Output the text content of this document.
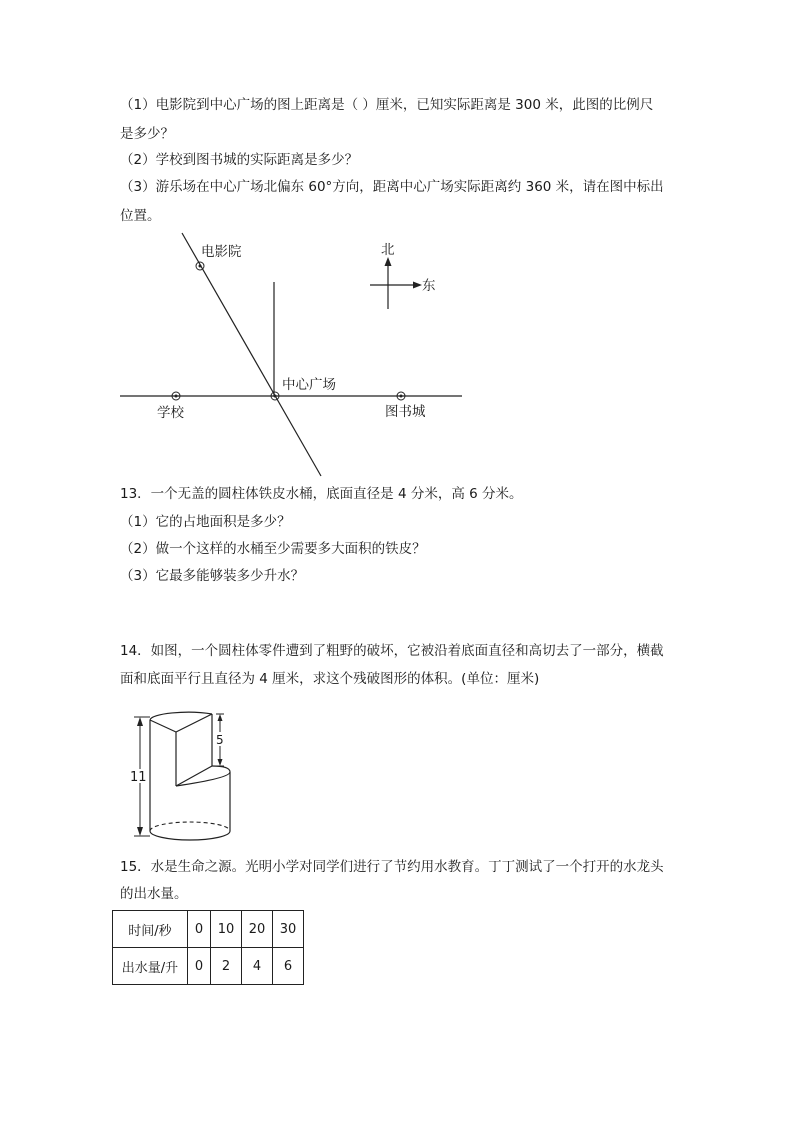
（1）电影院到中心广场的图上距离是（ ）厘米，已知实际距离是 300 米，此图的比例尺
是多少？
（2）学校到图书城的实际距离是多少？
（3）游乐场在中心广场北偏东 60°方向，距离中心广场实际距离约 360 米，请在图中标出
位置。
电影院
中心广场
学校	图书城
北
东
13．一个无盖的圆柱体铁皮水桶，底面直径是 4 分米，高 6 分米。
（1）它的占地面积是多少？
（2）做一个这样的水桶至少需要多大面积的铁皮？
（3）它最多能够装多少升水？
14．如图，一个圆柱体零件遭到了粗野的破坏，它被沿着底面直径和高切去了一部分，横截
面和底面平行且直径为 4 厘米，求这个残破图形的体积。(单位：厘米)
11
5
15．水是生命之源。光明小学对同学们进行了节约用水教育。丁丁测试了一个打开的水龙头
的出水量。
时间/秒	0	10	20	30
出水量/升	0	2	4	6
